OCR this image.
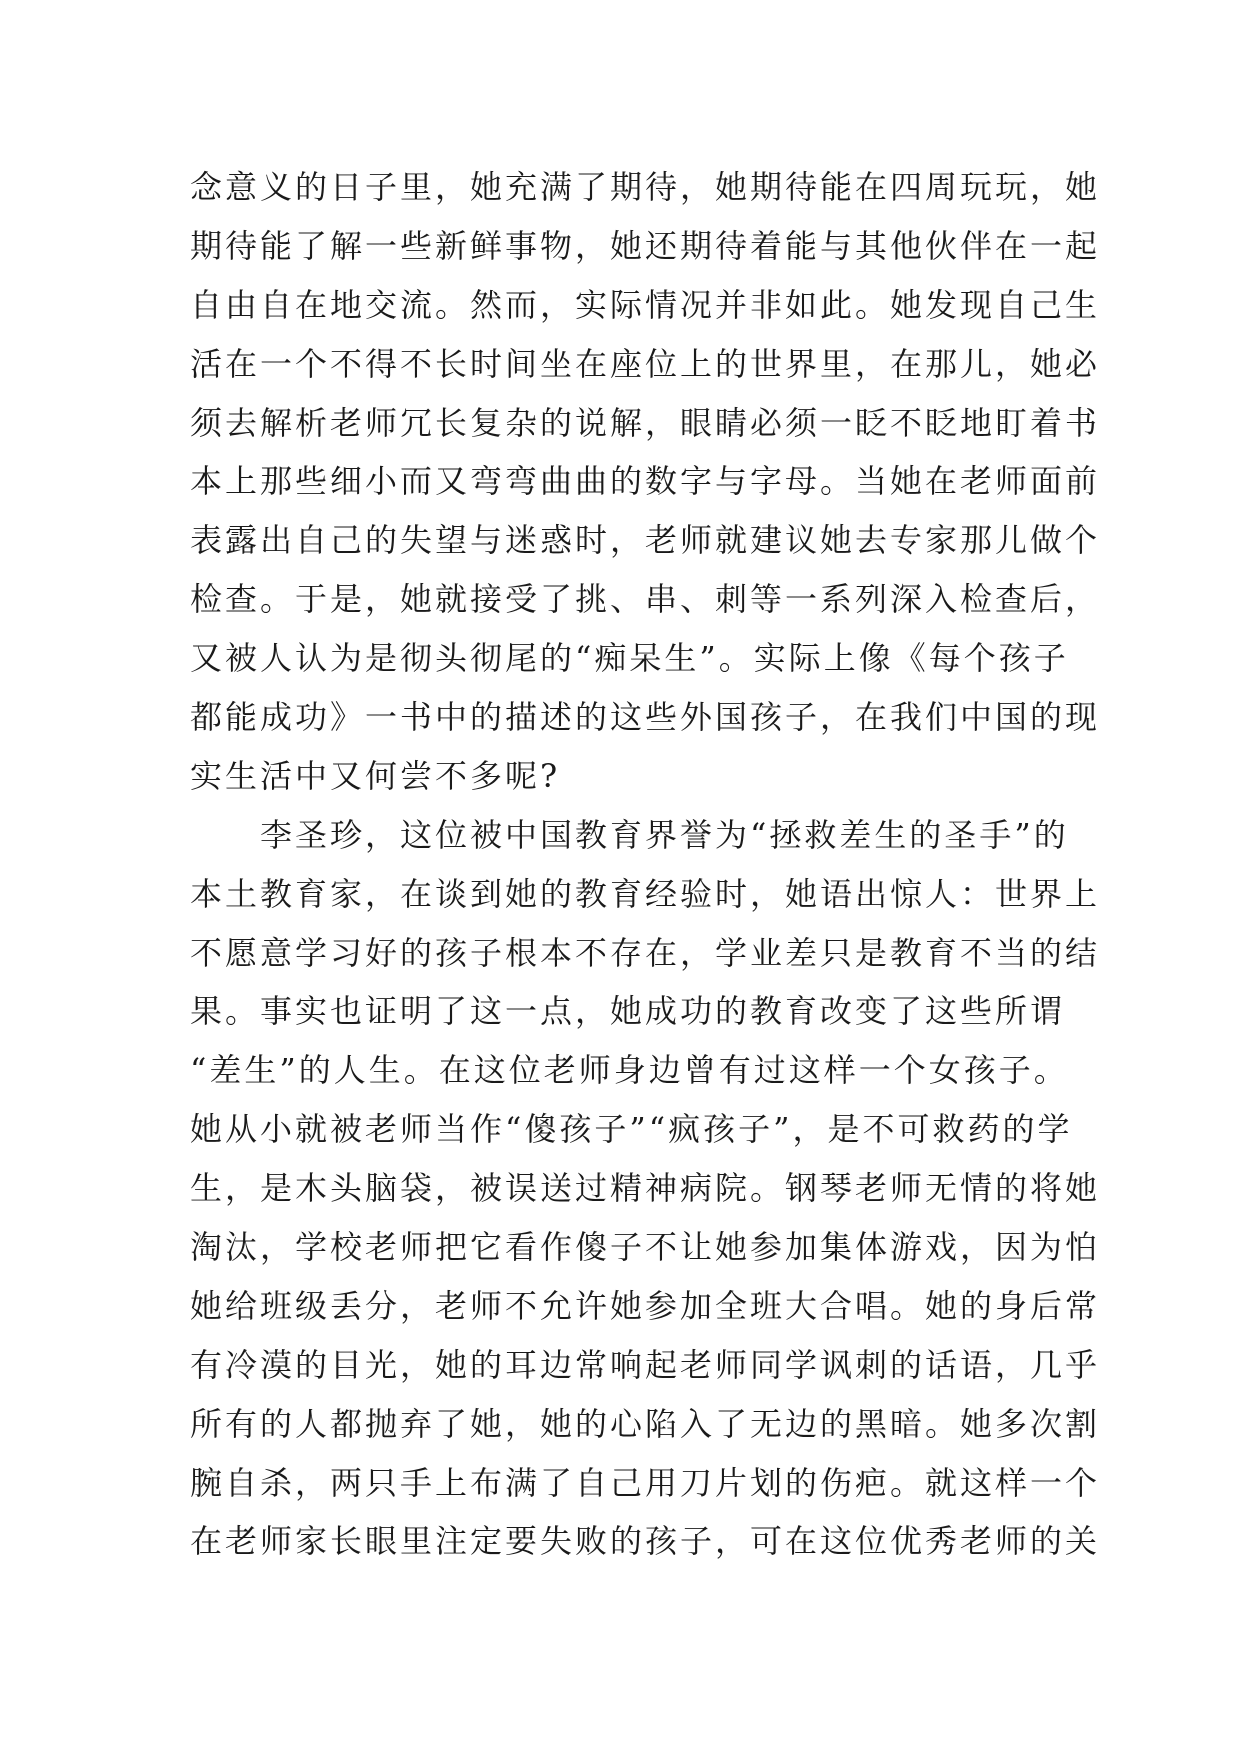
念意义的日子里，她充满了期待，她期待能在四周玩玩，她
期待能了解一些新鲜事物，她还期待着能与其他伙伴在一起
自由自在地交流。然而，实际情况并非如此。她发现自己生
活在一个不得不长时间坐在座位上的世界里，在那儿，她必
须去解析老师冗长复杂的说解，眼睛必须一眨不眨地盯着书
本上那些细小而又弯弯曲曲的数字与字母。当她在老师面前
表露出自己的失望与迷惑时，老师就建议她去专家那儿做个
检查。于是，她就接受了挑、串、刺等一系列深入检查后，
又被人认为是彻头彻尾的“痴呆生”。实际上像《每个孩子
都能成功》一书中的描述的这些外国孩子，在我们中国的现
实生活中又何尝不多呢?
李圣珍，这位被中国教育界誉为“拯救差生的圣手”的
本土教育家，在谈到她的教育经验时，她语出惊人：世界上
不愿意学习好的孩子根本不存在，学业差只是教育不当的结
果。事实也证明了这一点，她成功的教育改变了这些所谓
“差生”的人生。在这位老师身边曾有过这样一个女孩子。
她从小就被老师当作“傻孩子”“疯孩子”，是不可救药的学
生，是木头脑袋，被误送过精神病院。钢琴老师无情的将她
淘汰，学校老师把它看作傻子不让她参加集体游戏，因为怕
她给班级丢分，老师不允许她参加全班大合唱。她的身后常
有冷漠的目光，她的耳边常响起老师同学讽刺的话语，几乎
所有的人都抛弃了她，她的心陷入了无边的黑暗。她多次割
腕自杀，两只手上布满了自己用刀片划的伤疤。就这样一个
在老师家长眼里注定要失败的孩子，可在这位优秀老师的关
